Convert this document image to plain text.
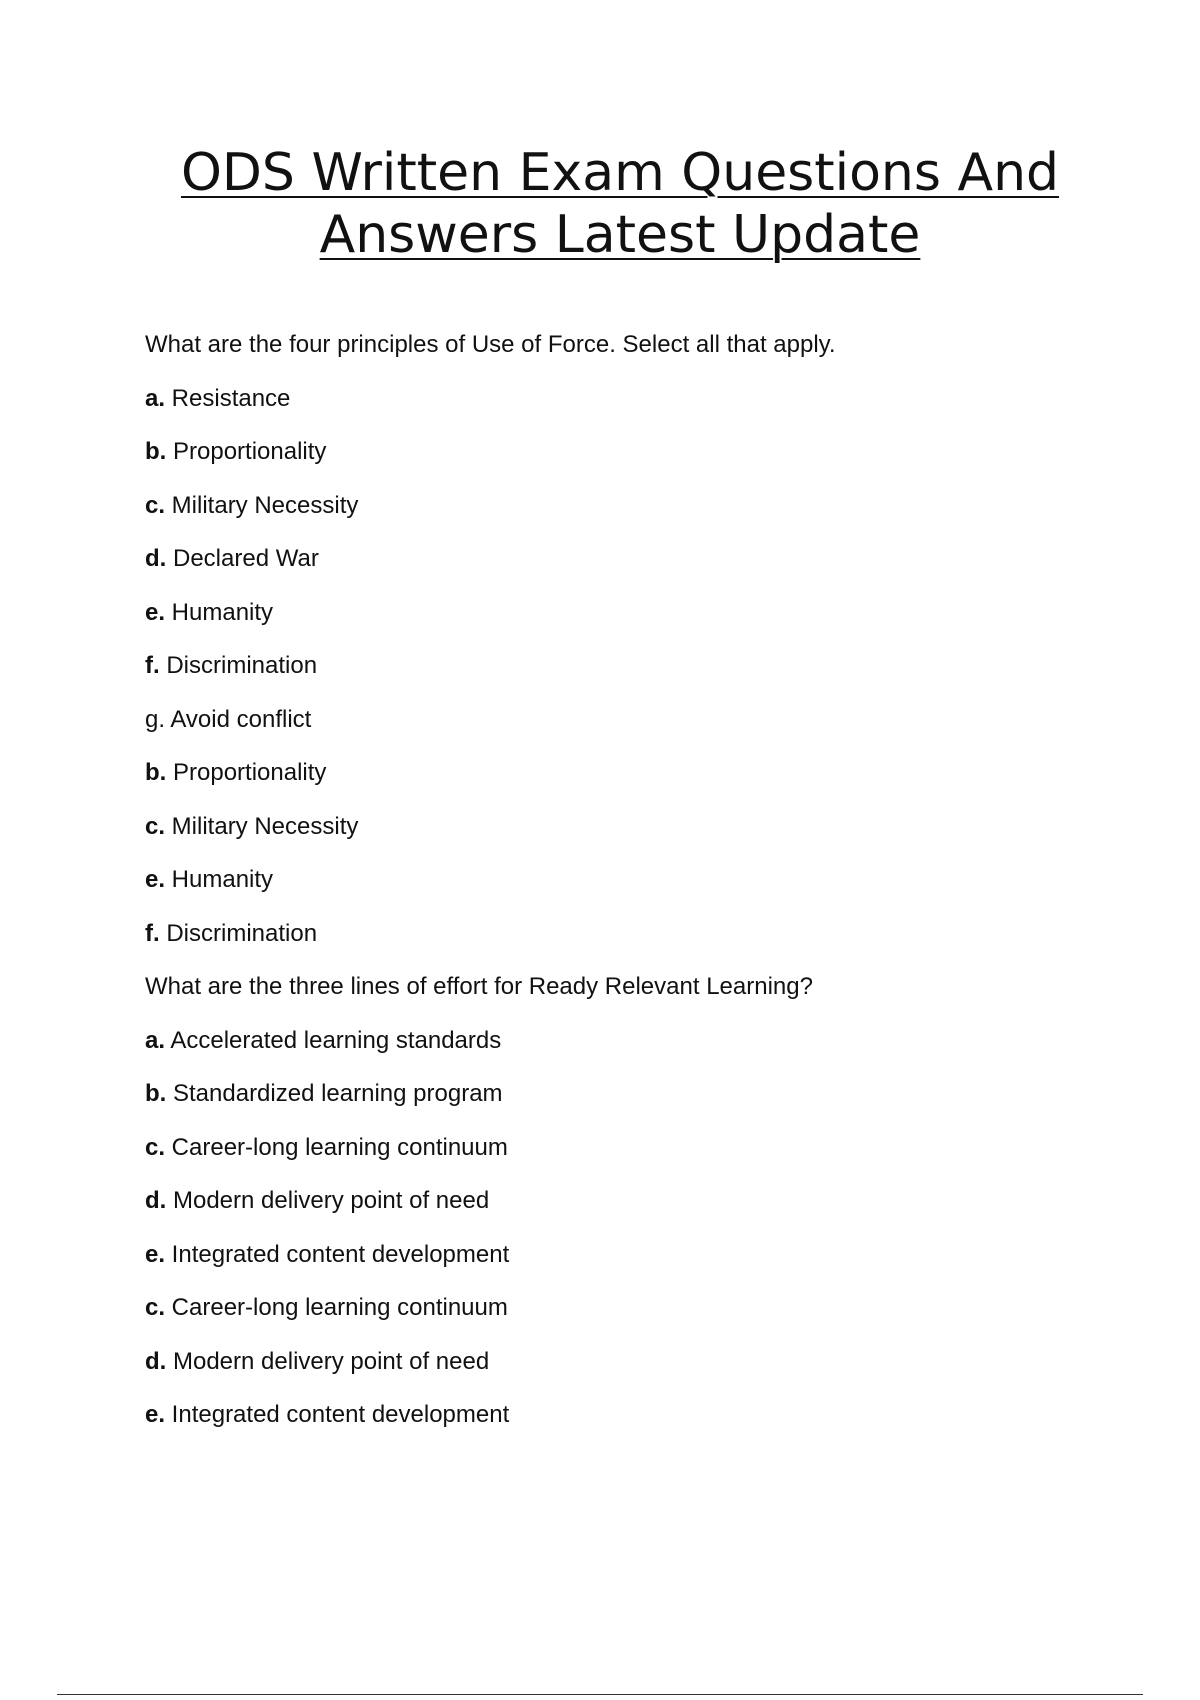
ODS Written Exam Questions And
Answers Latest Update
What are the four principles of Use of Force. Select all that apply.
a. Resistance
b. Proportionality
c. Military Necessity
d. Declared War
e. Humanity
f. Discrimination
g. Avoid conflict
b. Proportionality
c. Military Necessity
e. Humanity
f. Discrimination
What are the three lines of effort for Ready Relevant Learning?
a. Accelerated learning standards
b. Standardized learning program
c. Career-long learning continuum
d. Modern delivery point of need
e. Integrated content development
c. Career-long learning continuum
d. Modern delivery point of need
e. Integrated content development
